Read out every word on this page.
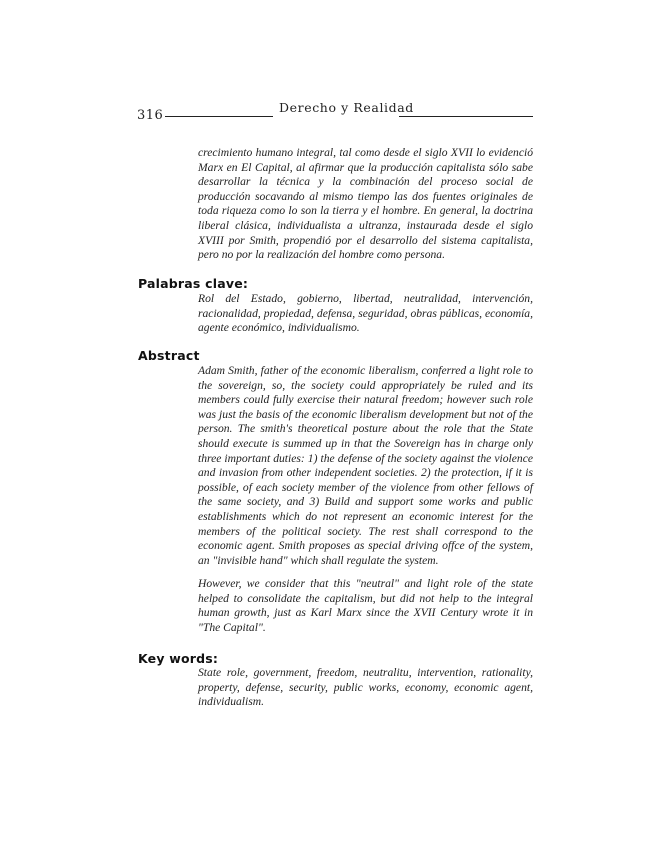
316
Derecho y Realidad

crecimiento humano integral, tal como desde el siglo XVII lo evidenció Marx en El Capital, al afirmar que la producción capitalista sólo sabe desarrollar la técnica y la combinación del proceso social de producción socavando al mismo tiempo las dos fuentes originales de toda riqueza como lo son la tierra y el hombre. En general, la doctrina liberal clásica, individualista a ultranza, instaurada desde el siglo XVIII por Smith, propendió por el desarrollo del sistema capitalista, pero no por la realización del hombre como persona.

Palabras clave:

Rol del Estado, gobierno, libertad, neutralidad, intervención, racionalidad, propiedad, defensa, seguridad, obras públicas, economía, agente económico, individualismo.

Abstract

Adam Smith, father of the economic liberalism, conferred a light role to the sovereign, so, the society could appropriately be ruled and its members could fully exercise their natural freedom; however such role was just the basis of the economic liberalism development but not of the person. The smith's theoretical posture about the role that the State should execute is summed up in that the Sovereign has in charge only three important duties: 1) the defense of the society against the violence and invasion from other independent societies. 2) the protection, if it is possible, of each society member of the violence from other fellows of the same society, and 3) Build and support some works and public establishments which do not represent an economic interest for the members of the political society. The rest shall correspond to the economic agent. Smith proposes as special driving offce of the system, an "invisible hand" which shall regulate the system.

However, we consider that this "neutral" and light role of the state helped to consolidate the capitalism, but did not help to the integral human growth, just as Karl Marx since the XVII Century wrote it in "The Capital".

Key words:

State role, government, freedom, neutralitu, intervention, rationality, property, defense, security, public works, economy, economic agent, individualism.
